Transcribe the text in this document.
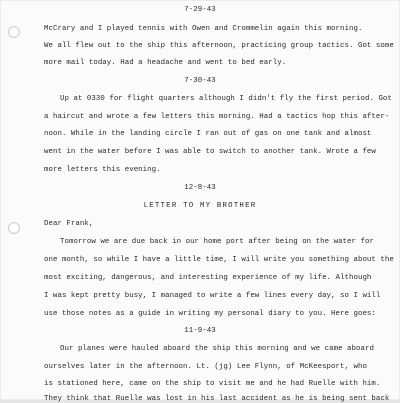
7-29-43
McCrary and I played tennis with Owen and Crommelin again this morning.
We all flew out to the ship this afternoon, practicing group tactics. Got some
more mail today. Had a headache and went to bed early.
7-30-43
Up at 0330 for flight quarters although I didn't fly the first period. Got
a haircut and wrote a few letters this morning. Had a tactics hop this after-
noon. While in the landing circle I ran out of gas on one tank and almost
went in the water before I was able to switch to another tank. Wrote a few
more letters this evening.
12-8-43
LETTER TO MY BROTHER
Dear Frank,
Tomorrow we are due back in our home port after being on the water for
one month, so while I have a little time, I will write you something about the
most exciting, dangerous, and interesting experience of my life. Although
I was kept pretty busy, I managed to write a few lines every day, so I will
use those notes as a guide in writing my personal diary to you. Here goes:
11-9-43
Our planes were hauled aboard the ship this morning and we came aboard
ourselves later in the afternoon. Lt. (jg) Lee Flynn, of McKeesport, who
is stationed here, came on the ship to visit me and he had Ruelle with him.
They think that Ruelle was lost in his last accident as he is being sent back
